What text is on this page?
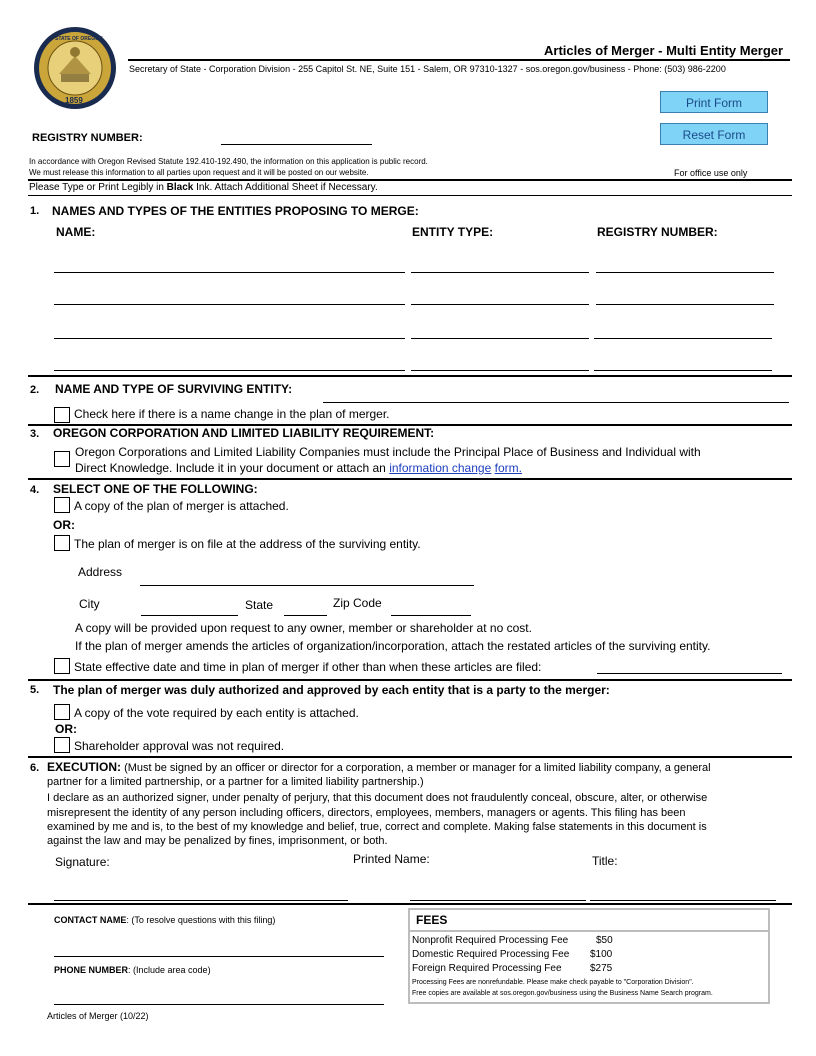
STATE OF OREGON
1859
Articles of Merger - Multi Entity Merger
Secretary of State - Corporation Division - 255 Capitol St. NE, Suite 151 - Salem, OR 97310-1327 - sos.oregon.gov/business - Phone: (503) 986-2200
Print Form
Reset Form
REGISTRY NUMBER:
In accordance with Oregon Revised Statute 192.410-192.490, the information on this application is public record.
We must release this information to all parties upon request and it will be posted on our website.	For office use only
Please Type or Print Legibly in Black Ink. Attach Additional Sheet if Necessary.
1. NAMES AND TYPES OF THE ENTITIES PROPOSING TO MERGE:
NAME:	ENTITY TYPE:	REGISTRY NUMBER:
2. NAME AND TYPE OF SURVIVING ENTITY:
Check here if there is a name change in the plan of merger.
3. OREGON CORPORATION AND LIMITED LIABILITY REQUIREMENT:
Oregon Corporations and Limited Liability Companies must include the Principal Place of Business and Individual with
Direct Knowledge. Include it in your document or attach an information change form.
4. SELECT ONE OF THE FOLLOWING:
A copy of the plan of merger is attached.
OR:
The plan of merger is on file at the address of the surviving entity.
Address
City	State	Zip Code
A copy will be provided upon request to any owner, member or shareholder at no cost.
If the plan of merger amends the articles of organization/incorporation, attach the restated articles of the surviving entity.
State effective date and time in plan of merger if other than when these articles are filed:
5. The plan of merger was duly authorized and approved by each entity that is a party to the merger:
A copy of the vote required by each entity is attached.
OR:
Shareholder approval was not required.
6. EXECUTION: (Must be signed by an officer or director for a corporation, a member or manager for a limited liability company, a general
partner for a limited partnership, or a partner for a limited liability partnership.)
I declare as an authorized signer, under penalty of perjury, that this document does not fraudulently conceal, obscure, alter, or otherwise
misrepresent the identity of any person including officers, directors, employees, members, managers or agents. This filing has been
examined by me and is, to the best of my knowledge and belief, true, correct and complete. Making false statements in this document is
against the law and may be penalized by fines, imprisonment, or both.
Signature:	Printed Name:	Title:
CONTACT NAME: (To resolve questions with this filing)
PHONE NUMBER: (Include area code)
FEES
Nonprofit Required Processing Fee	$50
Domestic Required Processing Fee $100
Foreign Required Processing Fee	$275
Processing Fees are nonrefundable. Please make check payable to "Corporation Division".
Free copies are available at sos.oregon.gov/business using the Business Name Search program.
Articles of Merger (10/22)
